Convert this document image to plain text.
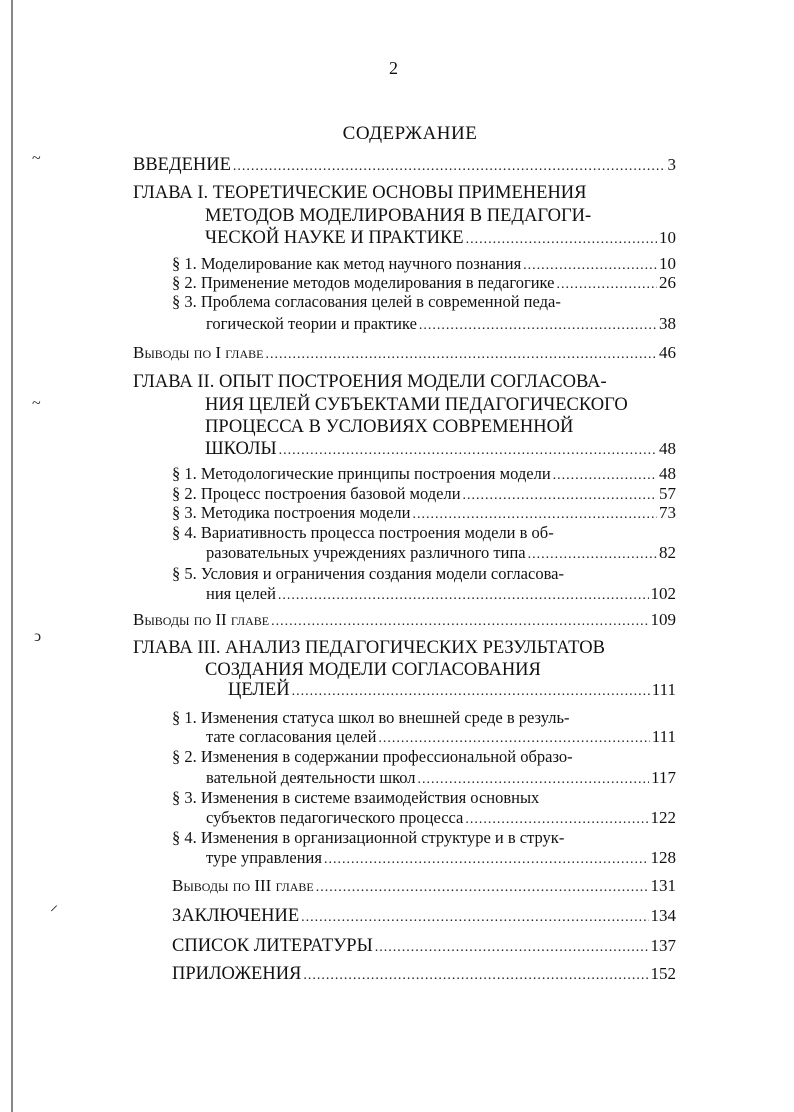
~
~
ↄ
⸝
2
СОДЕРЖАНИЕ
ВВЕДЕНИЕ .....	3
ГЛАВА I. ТЕОРЕТИЧЕСКИЕ ОСНОВЫ ПРИМЕНЕНИЯ
МЕТОДОВ МОДЕЛИРОВАНИЯ В ПЕДАГОГИ-
ЧЕСКОЙ НАУКЕ И ПРАКТИКЕ .....	10
§ 1. Моделирование как метод научного познания .....	10
§ 2. Применение методов моделирования в педагогике .....	26
§ 3. Проблема согласования целей в современной педа-
гогической теории и практике .....	38
Выводы по I главе .....	46
ГЛАВА II. ОПЫТ ПОСТРОЕНИЯ МОДЕЛИ СОГЛАСОВА-
НИЯ ЦЕЛЕЙ СУБЪЕКТАМИ ПЕДАГОГИЧЕСКОГО
ПРОЦЕССА В УСЛОВИЯХ СОВРЕМЕННОЙ
ШКОЛЫ .....	48
§ 1. Методологические принципы построения модели .....	48
§ 2. Процесс построения базовой модели .....	57
§ 3. Методика построения модели .....	73
§ 4. Вариативность процесса построения модели в об-
разовательных учреждениях различного типа .....	82
§ 5. Условия и ограничения создания модели согласова-
ния целей .....	102
Выводы по II главе .....	109
ГЛАВА III. АНАЛИЗ ПЕДАГОГИЧЕСКИХ РЕЗУЛЬТАТОВ
СОЗДАНИЯ МОДЕЛИ СОГЛАСОВАНИЯ
ЦЕЛЕЙ .....	111
§ 1. Изменения статуса школ во внешней среде в резуль-
тате согласования целей .....	111
§ 2. Изменения в содержании профессиональной образо-
вательной деятельности школ .....	117
§ 3. Изменения в системе взаимодействия основных
субъектов педагогического процесса .....	122
§ 4. Изменения в организационной структуре и в струк-
туре управления .....	128
Выводы по III главе .....	131
ЗАКЛЮЧЕНИЕ .....	134
СПИСОК ЛИТЕРАТУРЫ .....	137
ПРИЛОЖЕНИЯ .....	152
